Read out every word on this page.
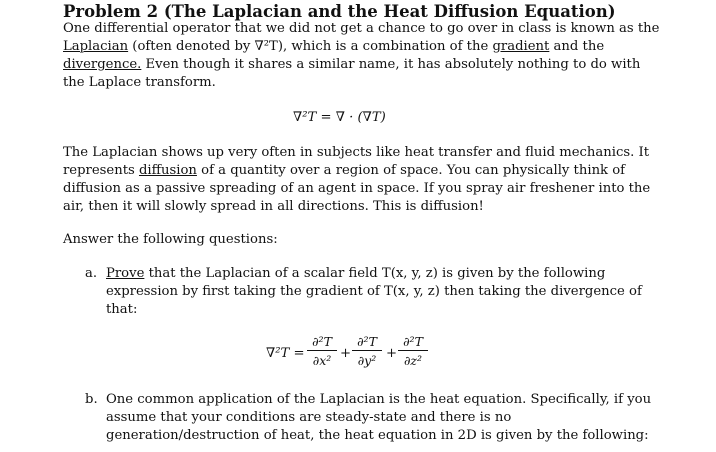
Problem 2 (The Laplacian and the Heat Diffusion Equation)
One differential operator that we did not get a chance to go over in class is known as the
Laplacian (often denoted by ∇²T), which is a combination of the gradient and the
divergence. Even though it shares a similar name, it has absolutely nothing to do with
the Laplace transform.
∇²T = ∇ · (∇T)
The Laplacian shows up very often in subjects like heat transfer and fluid mechanics. It
represents diffusion of a quantity over a region of space. You can physically think of
diffusion as a passive spreading of an agent in space. If you spray air freshener into the
air, then it will slowly spread in all directions. This is diffusion!
Answer the following questions:
a. Prove that the Laplacian of a scalar field T(x, y, z) is given by the following
expression by first taking the gradient of T(x, y, z) then taking the divergence of
that:
∇²T =
∂²T
∂x² +
∂²T
∂y² +
∂²T
∂z²
b. One common application of the Laplacian is the heat equation. Specifically, if you
assume that your conditions are steady-state and there is no
generation/destruction of heat, the heat equation in 2D is given by the following:
